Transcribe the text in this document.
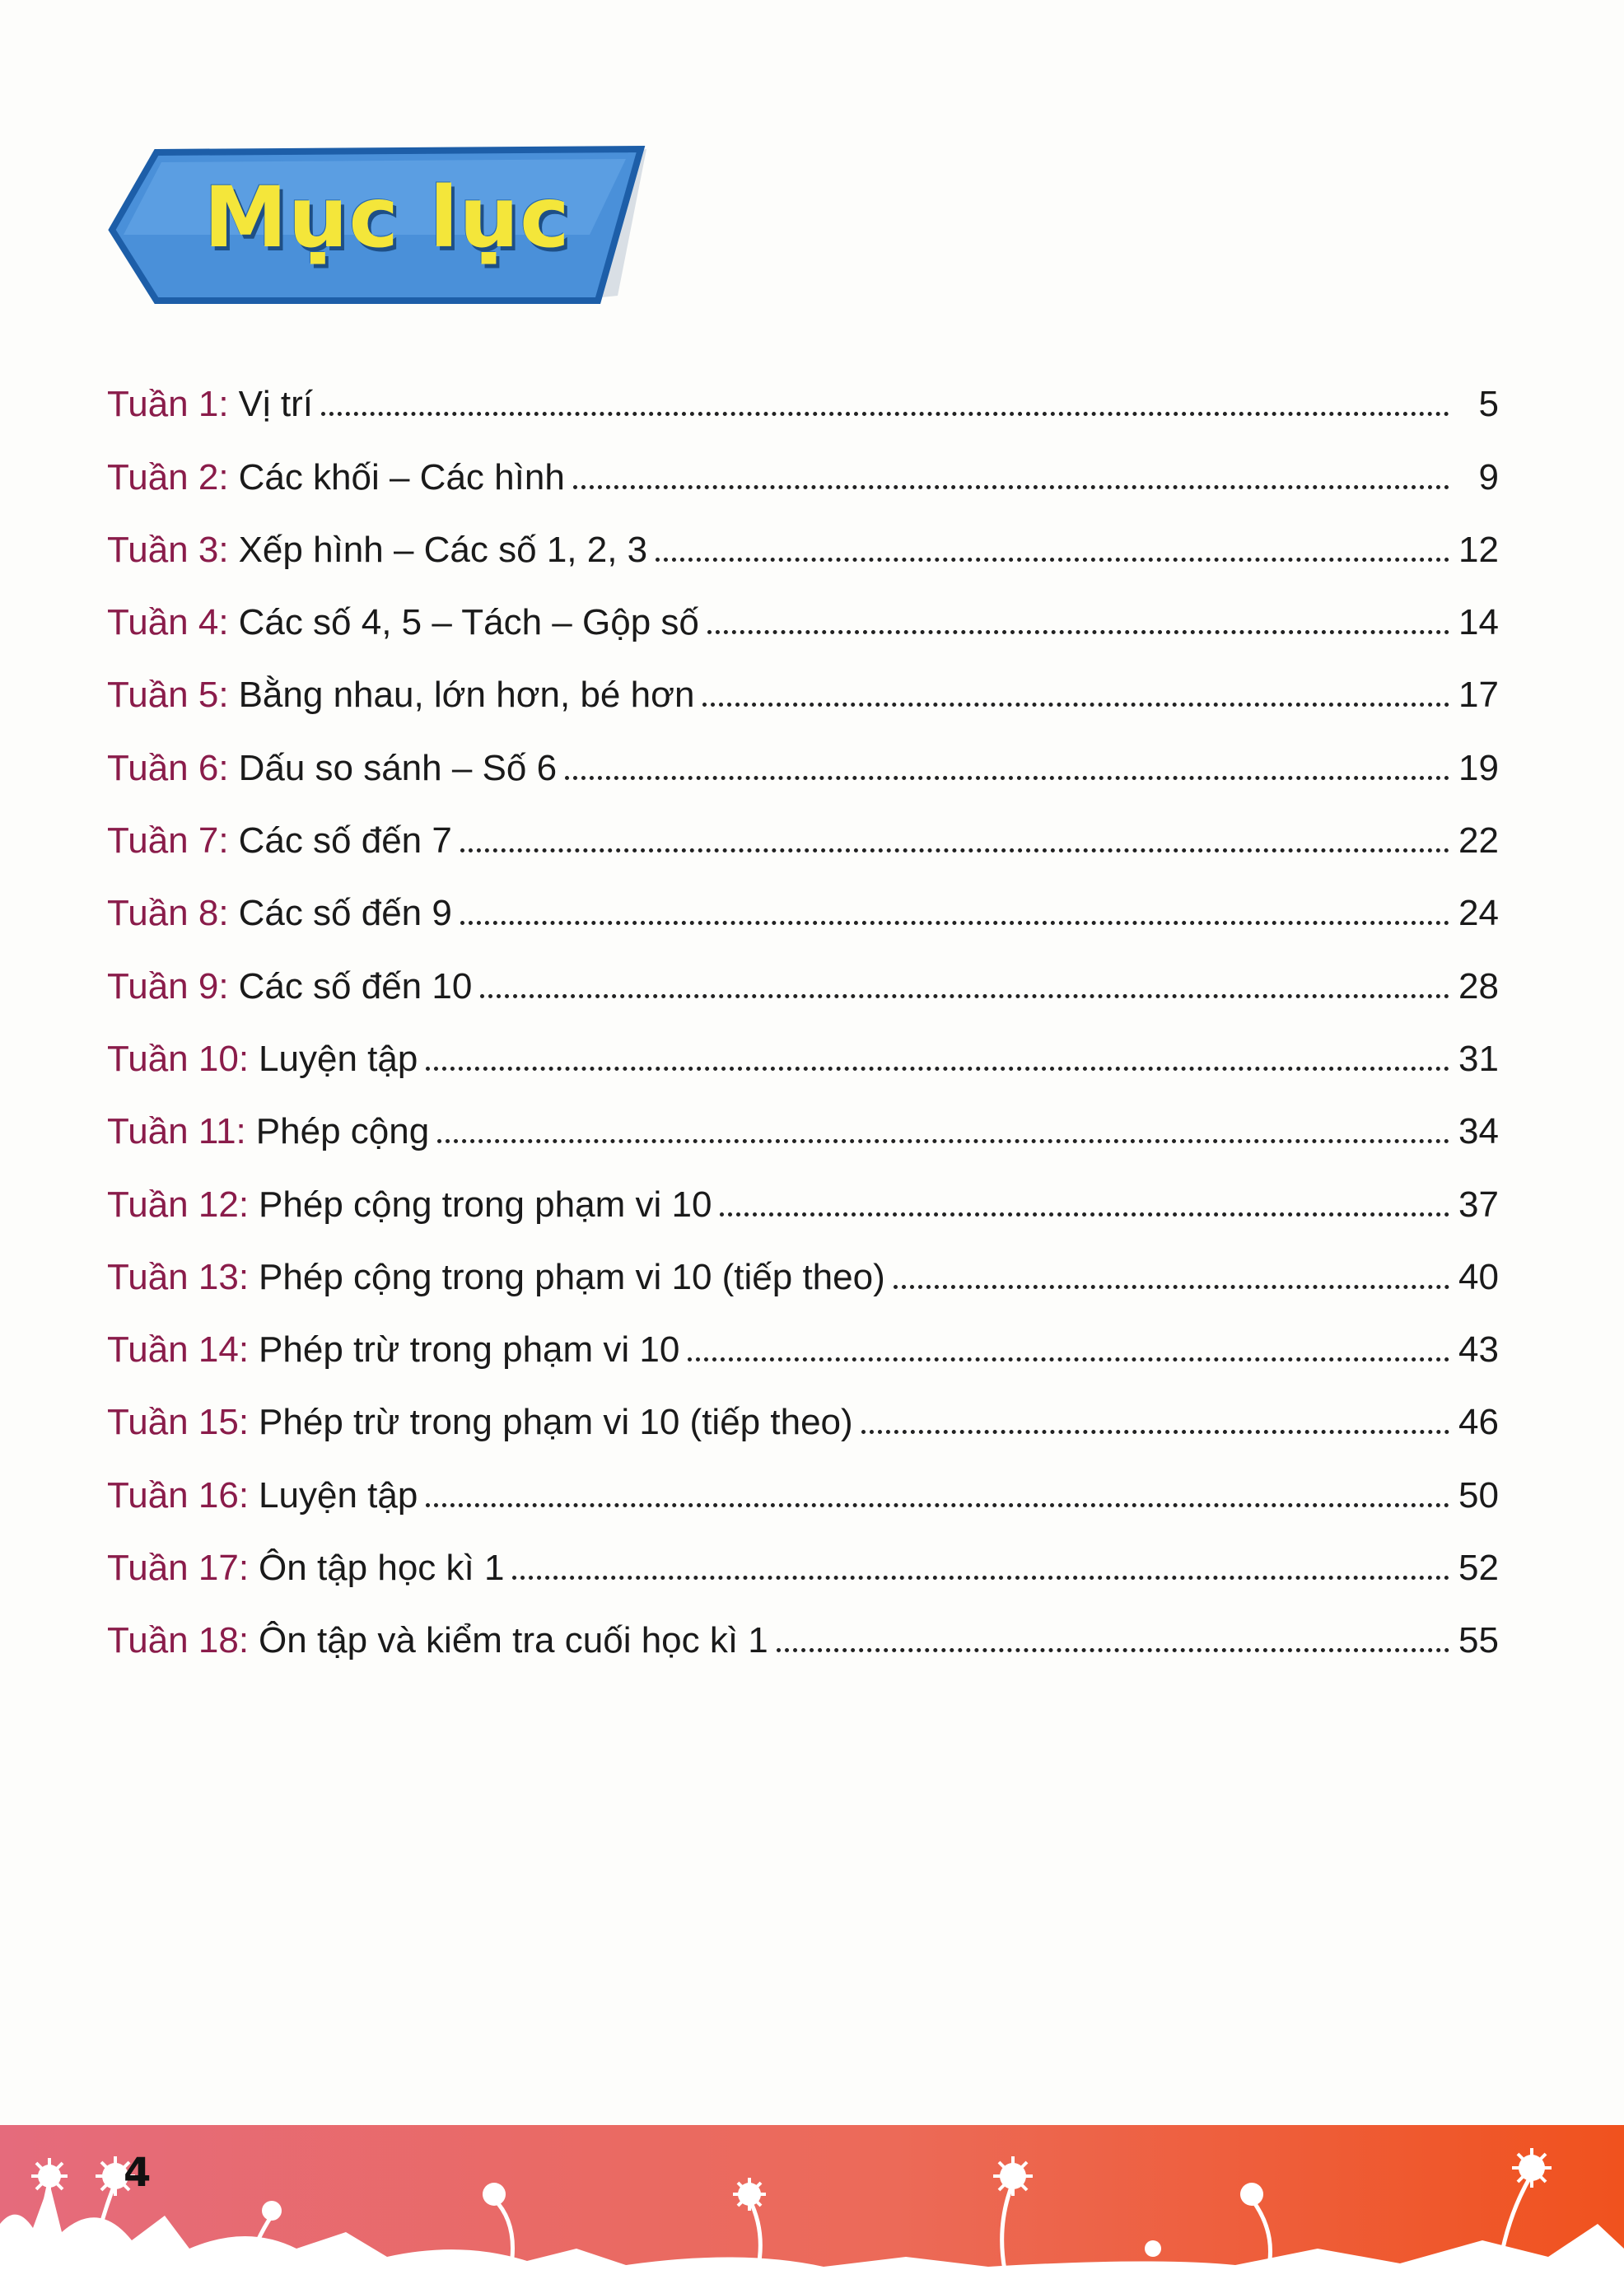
Mục lục
Tuần 1: Vị trí	5
Tuần 2: Các khối – Các hình	9
Tuần 3: Xếp hình – Các số 1, 2, 3	12
Tuần 4: Các số 4, 5 – Tách – Gộp số	14
Tuần 5: Bằng nhau, lớn hơn, bé hơn	17
Tuần 6: Dấu so sánh – Số 6	19
Tuần 7: Các số đến 7	22
Tuần 8: Các số đến 9	24
Tuần 9: Các số đến 10	28
Tuần 10: Luyện tập	31
Tuần 11: Phép cộng	34
Tuần 12: Phép cộng trong phạm vi 10	37
Tuần 13: Phép cộng trong phạm vi 10 (tiếp theo)	40
Tuần 14: Phép trừ trong phạm vi 10	43
Tuần 15: Phép trừ trong phạm vi 10 (tiếp theo)	46
Tuần 16: Luyện tập	50
Tuần 17: Ôn tập học kì 1	52
Tuần 18: Ôn tập và kiểm tra cuối học kì 1	55
4
